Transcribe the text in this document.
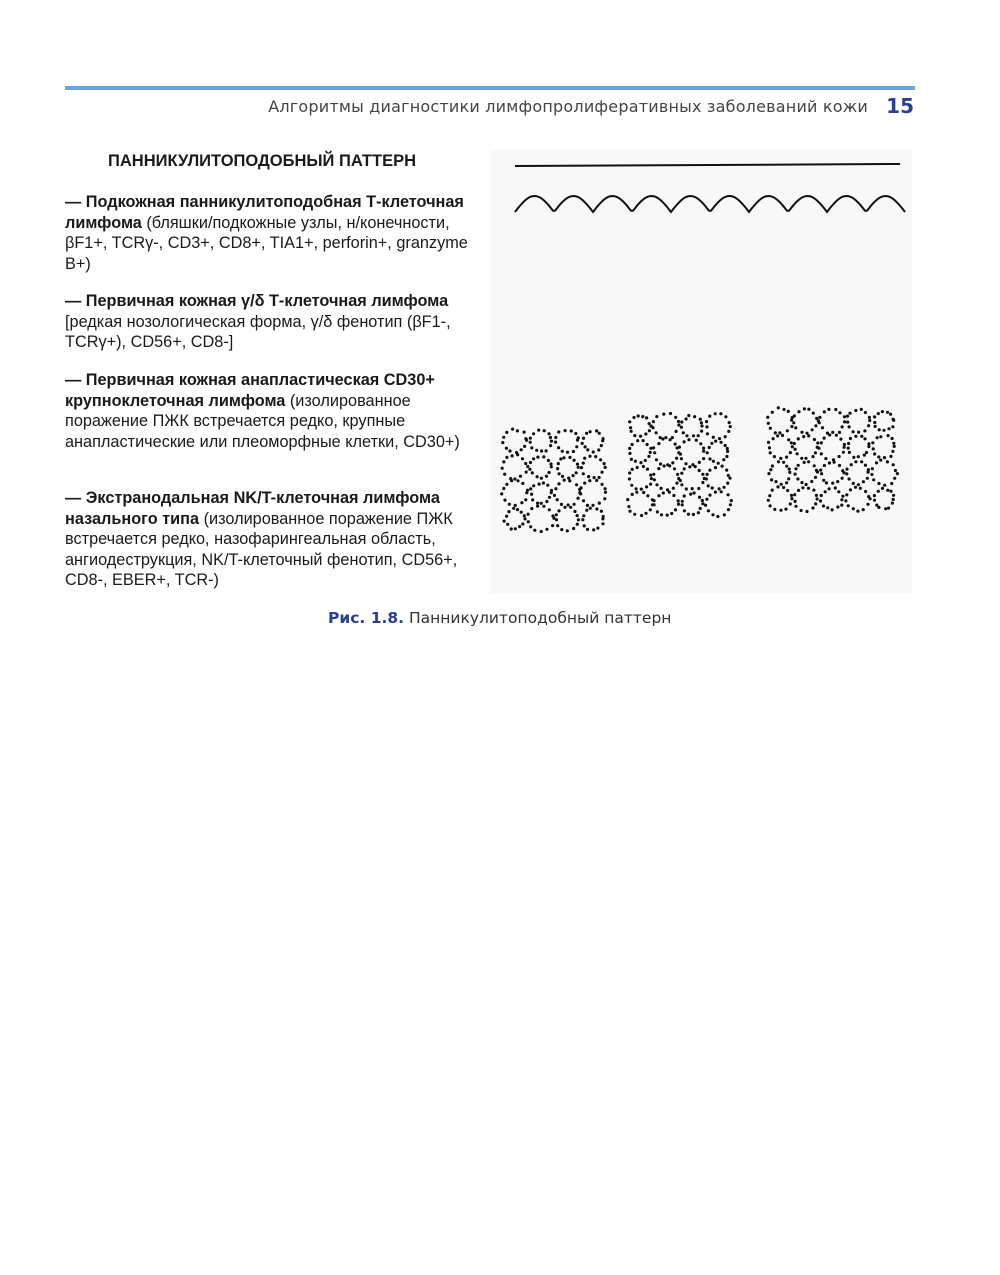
Алгоритмы диагностики лимфопролиферативных заболеваний кожи 15
ПАННИКУЛИТОПОДОБНЫЙ ПАТТЕРН
— Подкожная панникулитоподобная Т-клеточная лимфома (бляшки/подкожные узлы, н/конечности, βF1+, TCRγ-, CD3+, CD8+, TIA1+, perforin+, granzyme B+)
— Первичная кожная γ/δ Т-клеточная лимфома [редкая нозологическая форма, γ/δ фенотип (βF1-, TCRγ+), CD56+, CD8-]
— Первичная кожная анапластическая CD30+ крупноклеточная лимфома (изолированное поражение ПЖК встречается редко, крупные анапластические или плеоморфные клетки, CD30+)
— Экстранодальная NK/T-клеточная лимфома назального типа (изолированное поражение ПЖК встречается редко, назофарингеальная область, ангиодеструкция, NK/T-клеточный фенотип, CD56+, CD8-, EBER+, TCR-)
Рис. 1.8. Панникулитоподобный паттерн
